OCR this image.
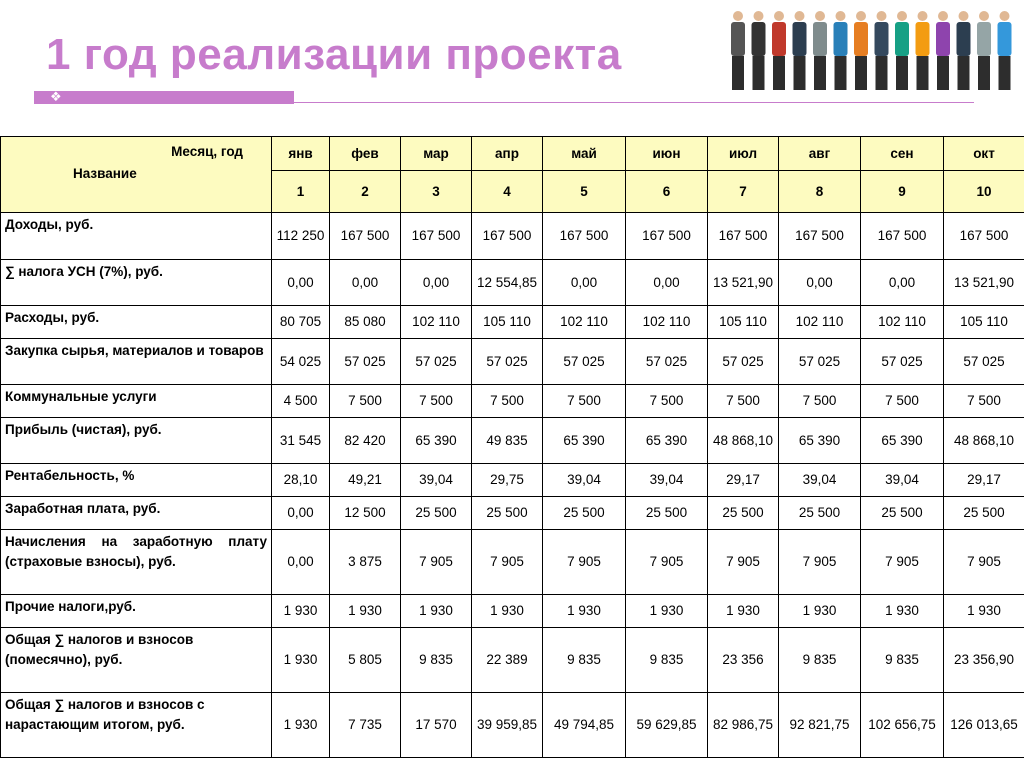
1 год реализации проекта
❖
Месяц, год
Название	янв	фев	мар	апр	май	июн	июл	авг	сен	окт
	1	2	3	4	5	6	7	8	9	10
Доходы, руб.	112 250	167 500	167 500	167 500	167 500	167 500	167 500	167 500	167 500	167 500
∑ налога УСН (7%), руб.	0,00	0,00	0,00	12 554,85	0,00	0,00	13 521,90	0,00	0,00	13 521,90
Расходы, руб.	80 705	85 080	102 110	105 110	102 110	102 110	105 110	102 110	102 110	105 110
Закупка сырья, материалов и товаров	54 025	57 025	57 025	57 025	57 025	57 025	57 025	57 025	57 025	57 025
Коммунальные услуги	4 500	7 500	7 500	7 500	7 500	7 500	7 500	7 500	7 500	7 500
Прибыль (чистая), руб.	31 545	82 420	65 390	49 835	65 390	65 390	48 868,10	65 390	65 390	48 868,10
Рентабельность, %	28,10	49,21	39,04	29,75	39,04	39,04	29,17	39,04	39,04	29,17
Заработная плата, руб.	0,00	12 500	25 500	25 500	25 500	25 500	25 500	25 500	25 500	25 500
Начисления на заработную плату (страховые взносы), руб.	0,00	3 875	7 905	7 905	7 905	7 905	7 905	7 905	7 905	7 905
Прочие налоги,руб.	1 930	1 930	1 930	1 930	1 930	1 930	1 930	1 930	1 930	1 930
Общая ∑ налогов и взносов (помесячно), руб.	1 930	5 805	9 835	22 389	9 835	9 835	23 356	9 835	9 835	23 356,90
Общая ∑ налогов и взносов с нарастающим итогом, руб.	1 930	7 735	17 570	39 959,85	49 794,85	59 629,85	82 986,75	92 821,75	102 656,75	126 013,65
